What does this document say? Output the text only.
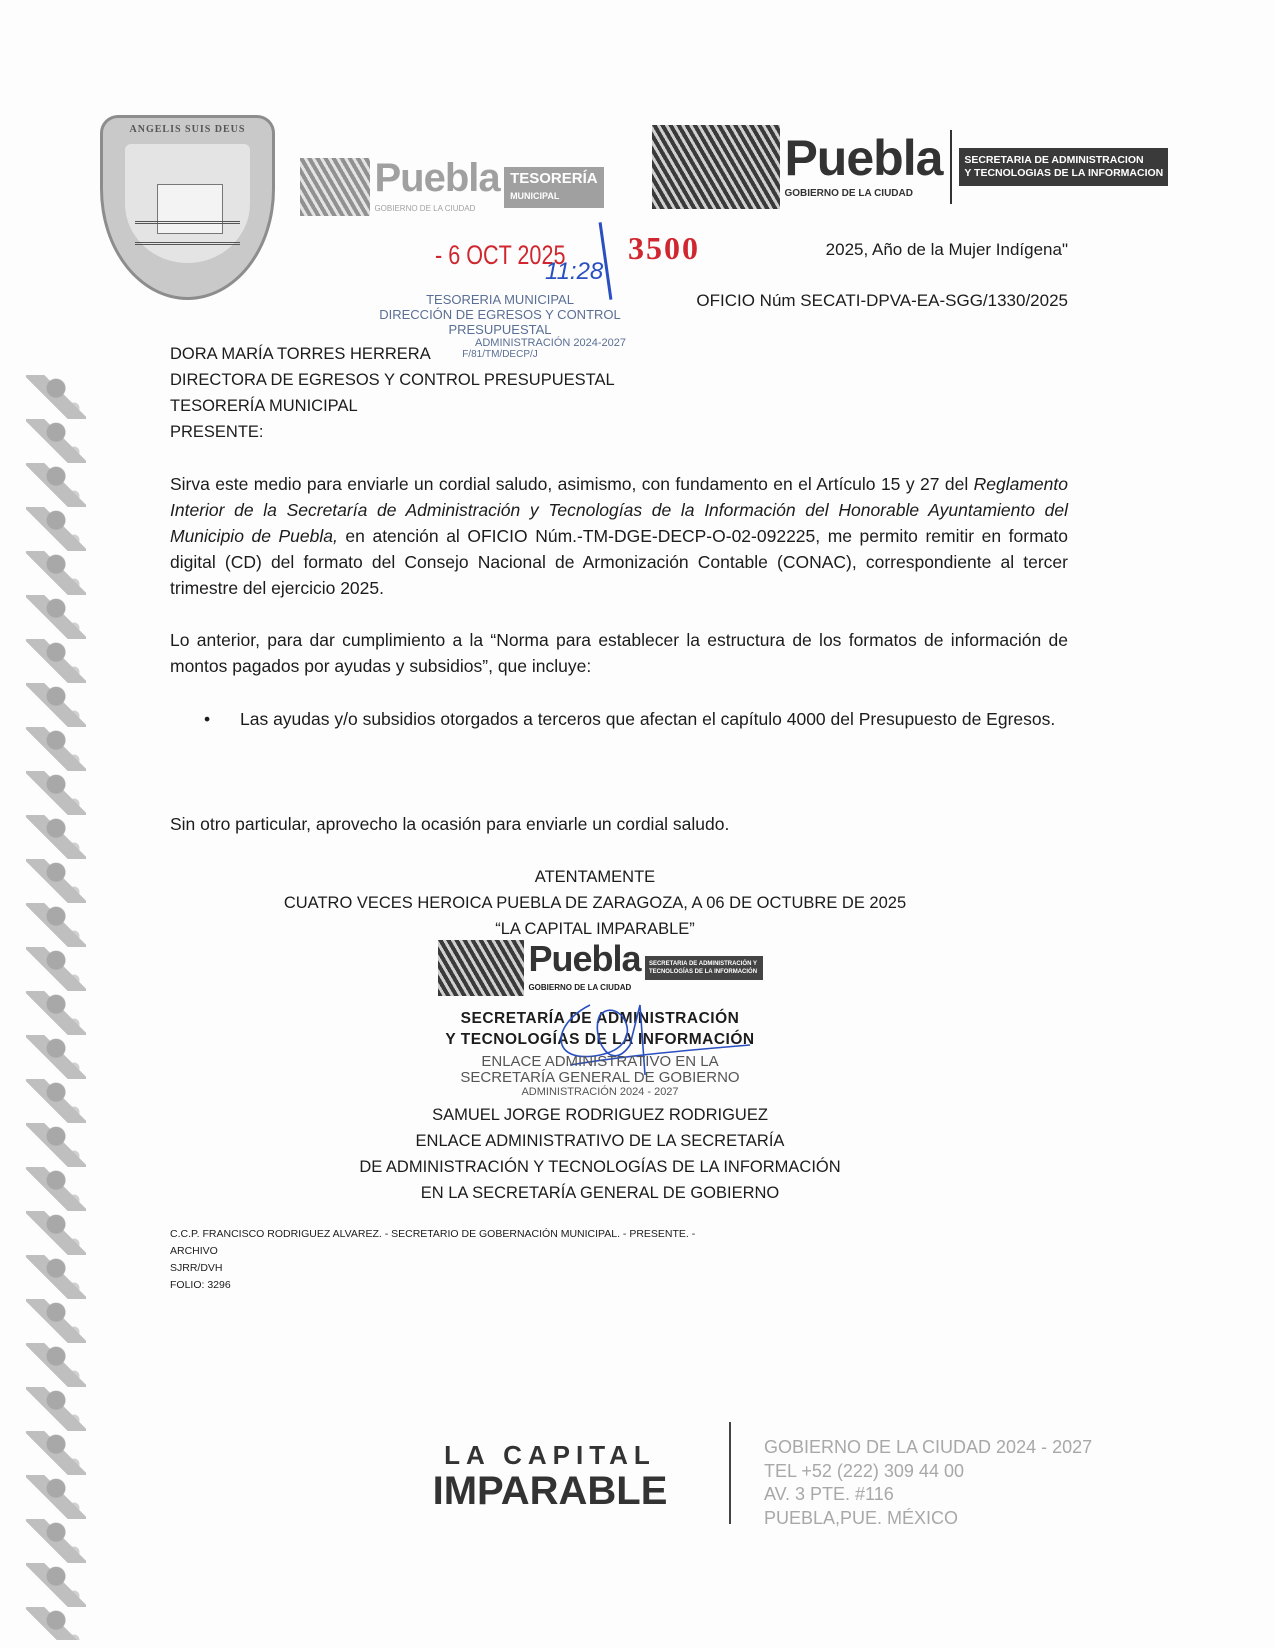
ANGELIS SUIS DEUS

Puebla
GOBIERNO DE LA CIUDAD TESORERÍA
MUNICIPAL

Puebla
GOBIERNO DE LA CIUDAD  SECRETARIA DE ADMINISTRACION
Y TECNOLOGIAS DE LA INFORMACION
- 6 OCT 2025
11:28
3500
TESORERIA MUNICIPAL
DIRECCIÓN DE EGRESOS Y CONTROL
PRESUPUESTAL
ADMINISTRACIÓN 2024-2027
F/81/TM/DECP/J
2025, Año de la Mujer Indígena"
OFICIO Núm SECATI-DPVA-EA-SGG/1330/2025
DORA MARÍA TORRES HERRERA
DIRECTORA DE EGRESOS Y CONTROL PRESUPUESTAL
TESORERÍA MUNICIPAL
PRESENTE:

Sirva este medio para enviarle un cordial saludo, asimismo, con fundamento en el Artículo 15 y 27 del Reglamento Interior de la Secretaría de Administración y Tecnologías de la Información del Honorable Ayuntamiento del Municipio de Puebla, en atención al OFICIO Núm.-TM-DGE-DECP-O-02-092225, me permito remitir en formato digital (CD) del formato del Consejo Nacional de Armonización Contable (CONAC), correspondiente al tercer trimestre del ejercicio 2025.

Lo anterior, para dar cumplimiento a la “Norma para establecer la estructura de los formatos de información de montos pagados por ayudas y subsidios”, que incluye:

•	Las ayudas y/o subsidios otorgados a terceros que afectan el capítulo 4000 del Presupuesto de Egresos.

Sin otro particular, aprovecho la ocasión para enviarle un cordial saludo.

ATENTAMENTE
CUATRO VECES HEROICA PUEBLA DE ZARAGOZA, A 06 DE OCTUBRE DE 2025
“LA CAPITAL IMPARABLE”

Puebla
GOBIERNO DE LA CIUDAD SECRETARIA DE ADMINISTRACIÓN Y TECNOLOGÍAS DE LA INFORMACIÓN
SECRETARÍA DE ADMINISTRACIÓN
Y TECNOLOGÍAS DE LA INFORMACIÓN
ENLACE ADMINISTRATIVO EN LA
SECRETARÍA GENERAL DE GOBIERNO
ADMINISTRACIÓN 2024 - 2027
SAMUEL JORGE RODRIGUEZ RODRIGUEZ
ENLACE ADMINISTRATIVO DE LA SECRETARÍA
DE ADMINISTRACIÓN Y TECNOLOGÍAS DE LA INFORMACIÓN
EN LA SECRETARÍA GENERAL DE GOBIERNO
C.C.P. FRANCISCO RODRIGUEZ ALVAREZ. - SECRETARIO DE GOBERNACIÓN MUNICIPAL. - PRESENTE. -
ARCHIVO
SJRR/DVH
FOLIO: 3296
LA CAPITAL
IMPARABLE
GOBIERNO DE LA CIUDAD 2024 - 2027
TEL +52 (222) 309 44 00
AV. 3 PTE. #116
PUEBLA,PUE. MÉXICO
